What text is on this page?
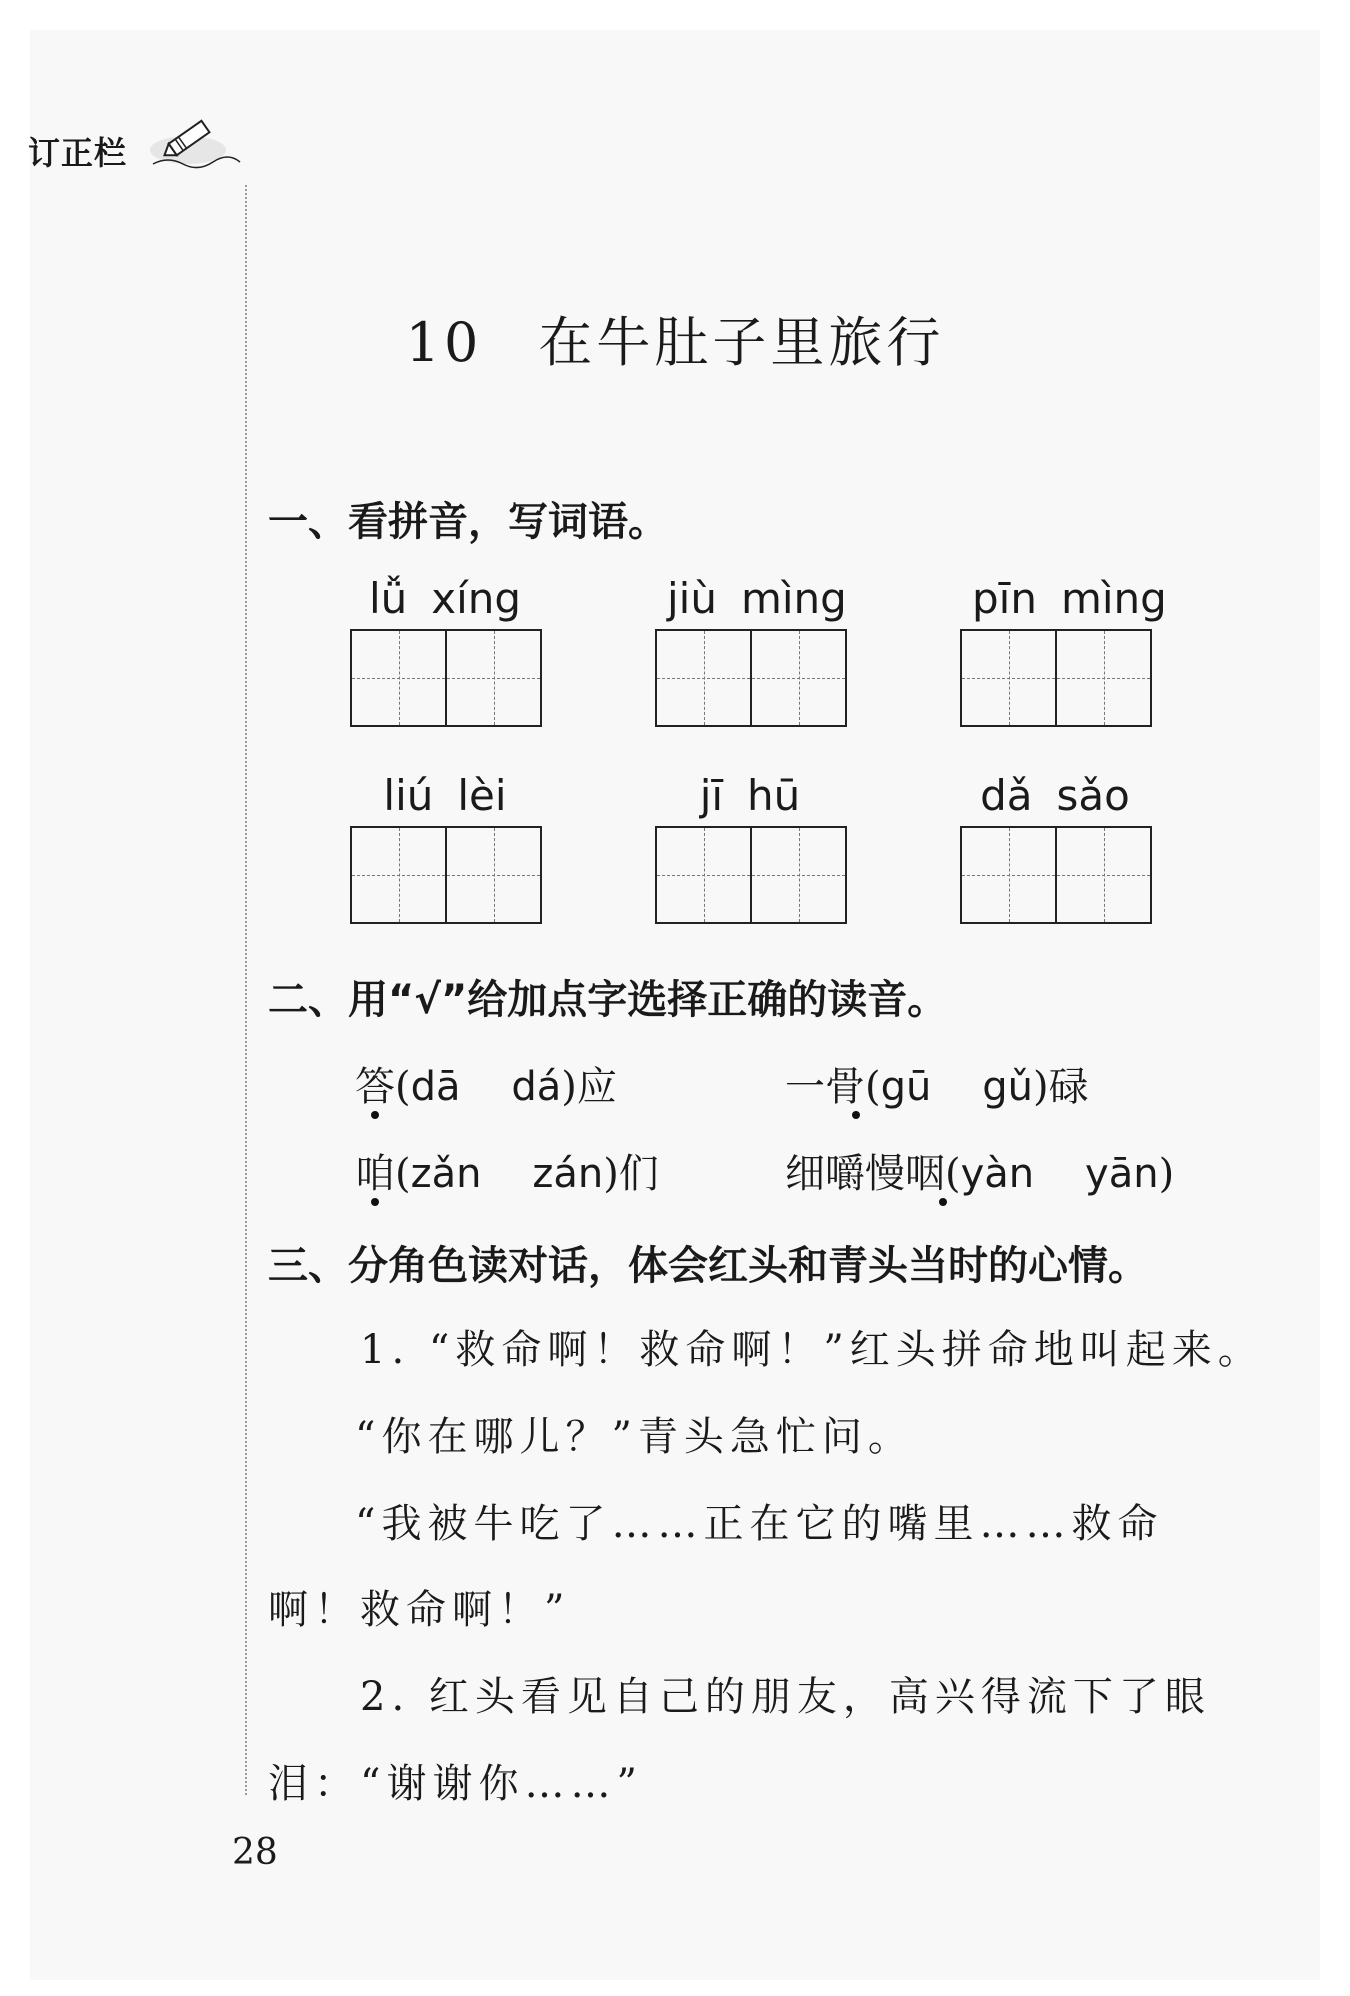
订正栏
10 在牛肚子里旅行
一、看拼音，写词语。
lǚ xíng	jiù mìng	pīn mìng
liú lèi	jī hū	dǎ sǎo
二、用“√”给加点字选择正确的读音。
答(dā dá)应	一骨(gū gǔ)碌
咱(zǎn zán)们	细嚼慢咽(yàn yān)
三、分角色读对话，体会红头和青头当时的心情。
1. “救命啊！救命啊！”红头拼命地叫起来。
“你在哪儿？”青头急忙问。
“我被牛吃了……正在它的嘴里……救命
啊！救命啊！”
2. 红头看见自己的朋友，高兴得流下了眼
泪：“谢谢你……”
28
